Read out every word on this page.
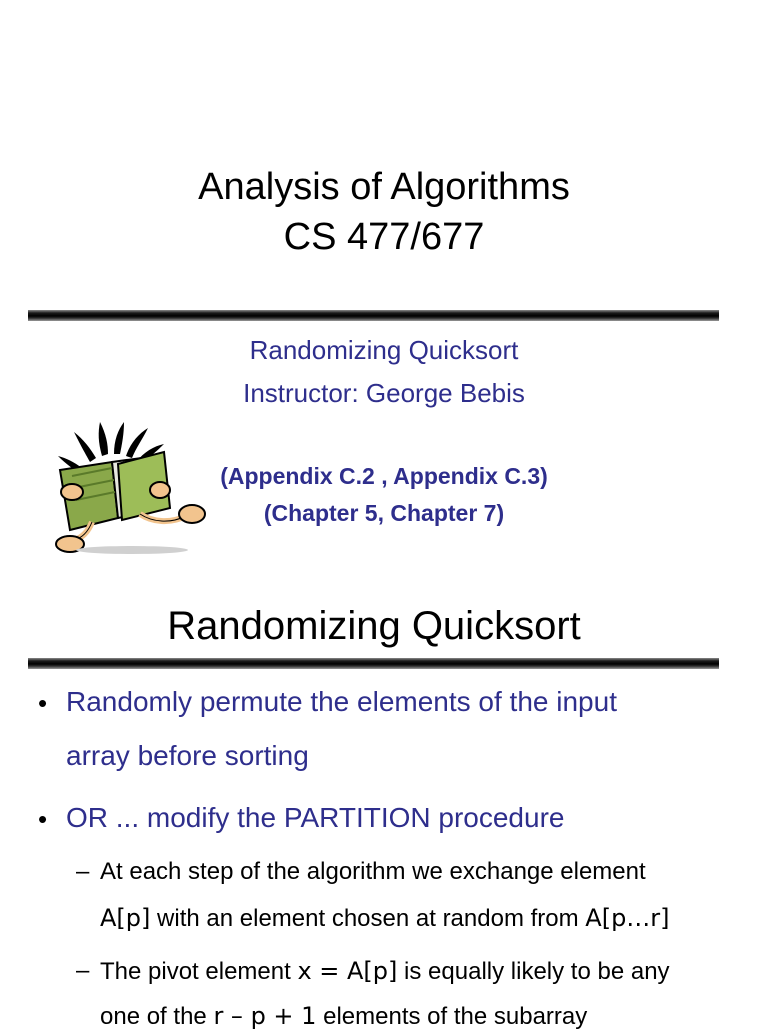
Analysis of Algorithms
CS 477/677
Randomizing Quicksort
Instructor: George Bebis
(Appendix C.2 , Appendix C.3)
(Chapter 5, Chapter 7)
Randomizing Quicksort
• Randomly permute the elements of the input
array before sorting
• OR ... modify the PARTITION procedure
– At each step of the algorithm we exchange element
A[p] with an element chosen at random from A[p…r]
– The pivot element x = A[p] is equally likely to be any
one of the r – p + 1 elements of the subarray
